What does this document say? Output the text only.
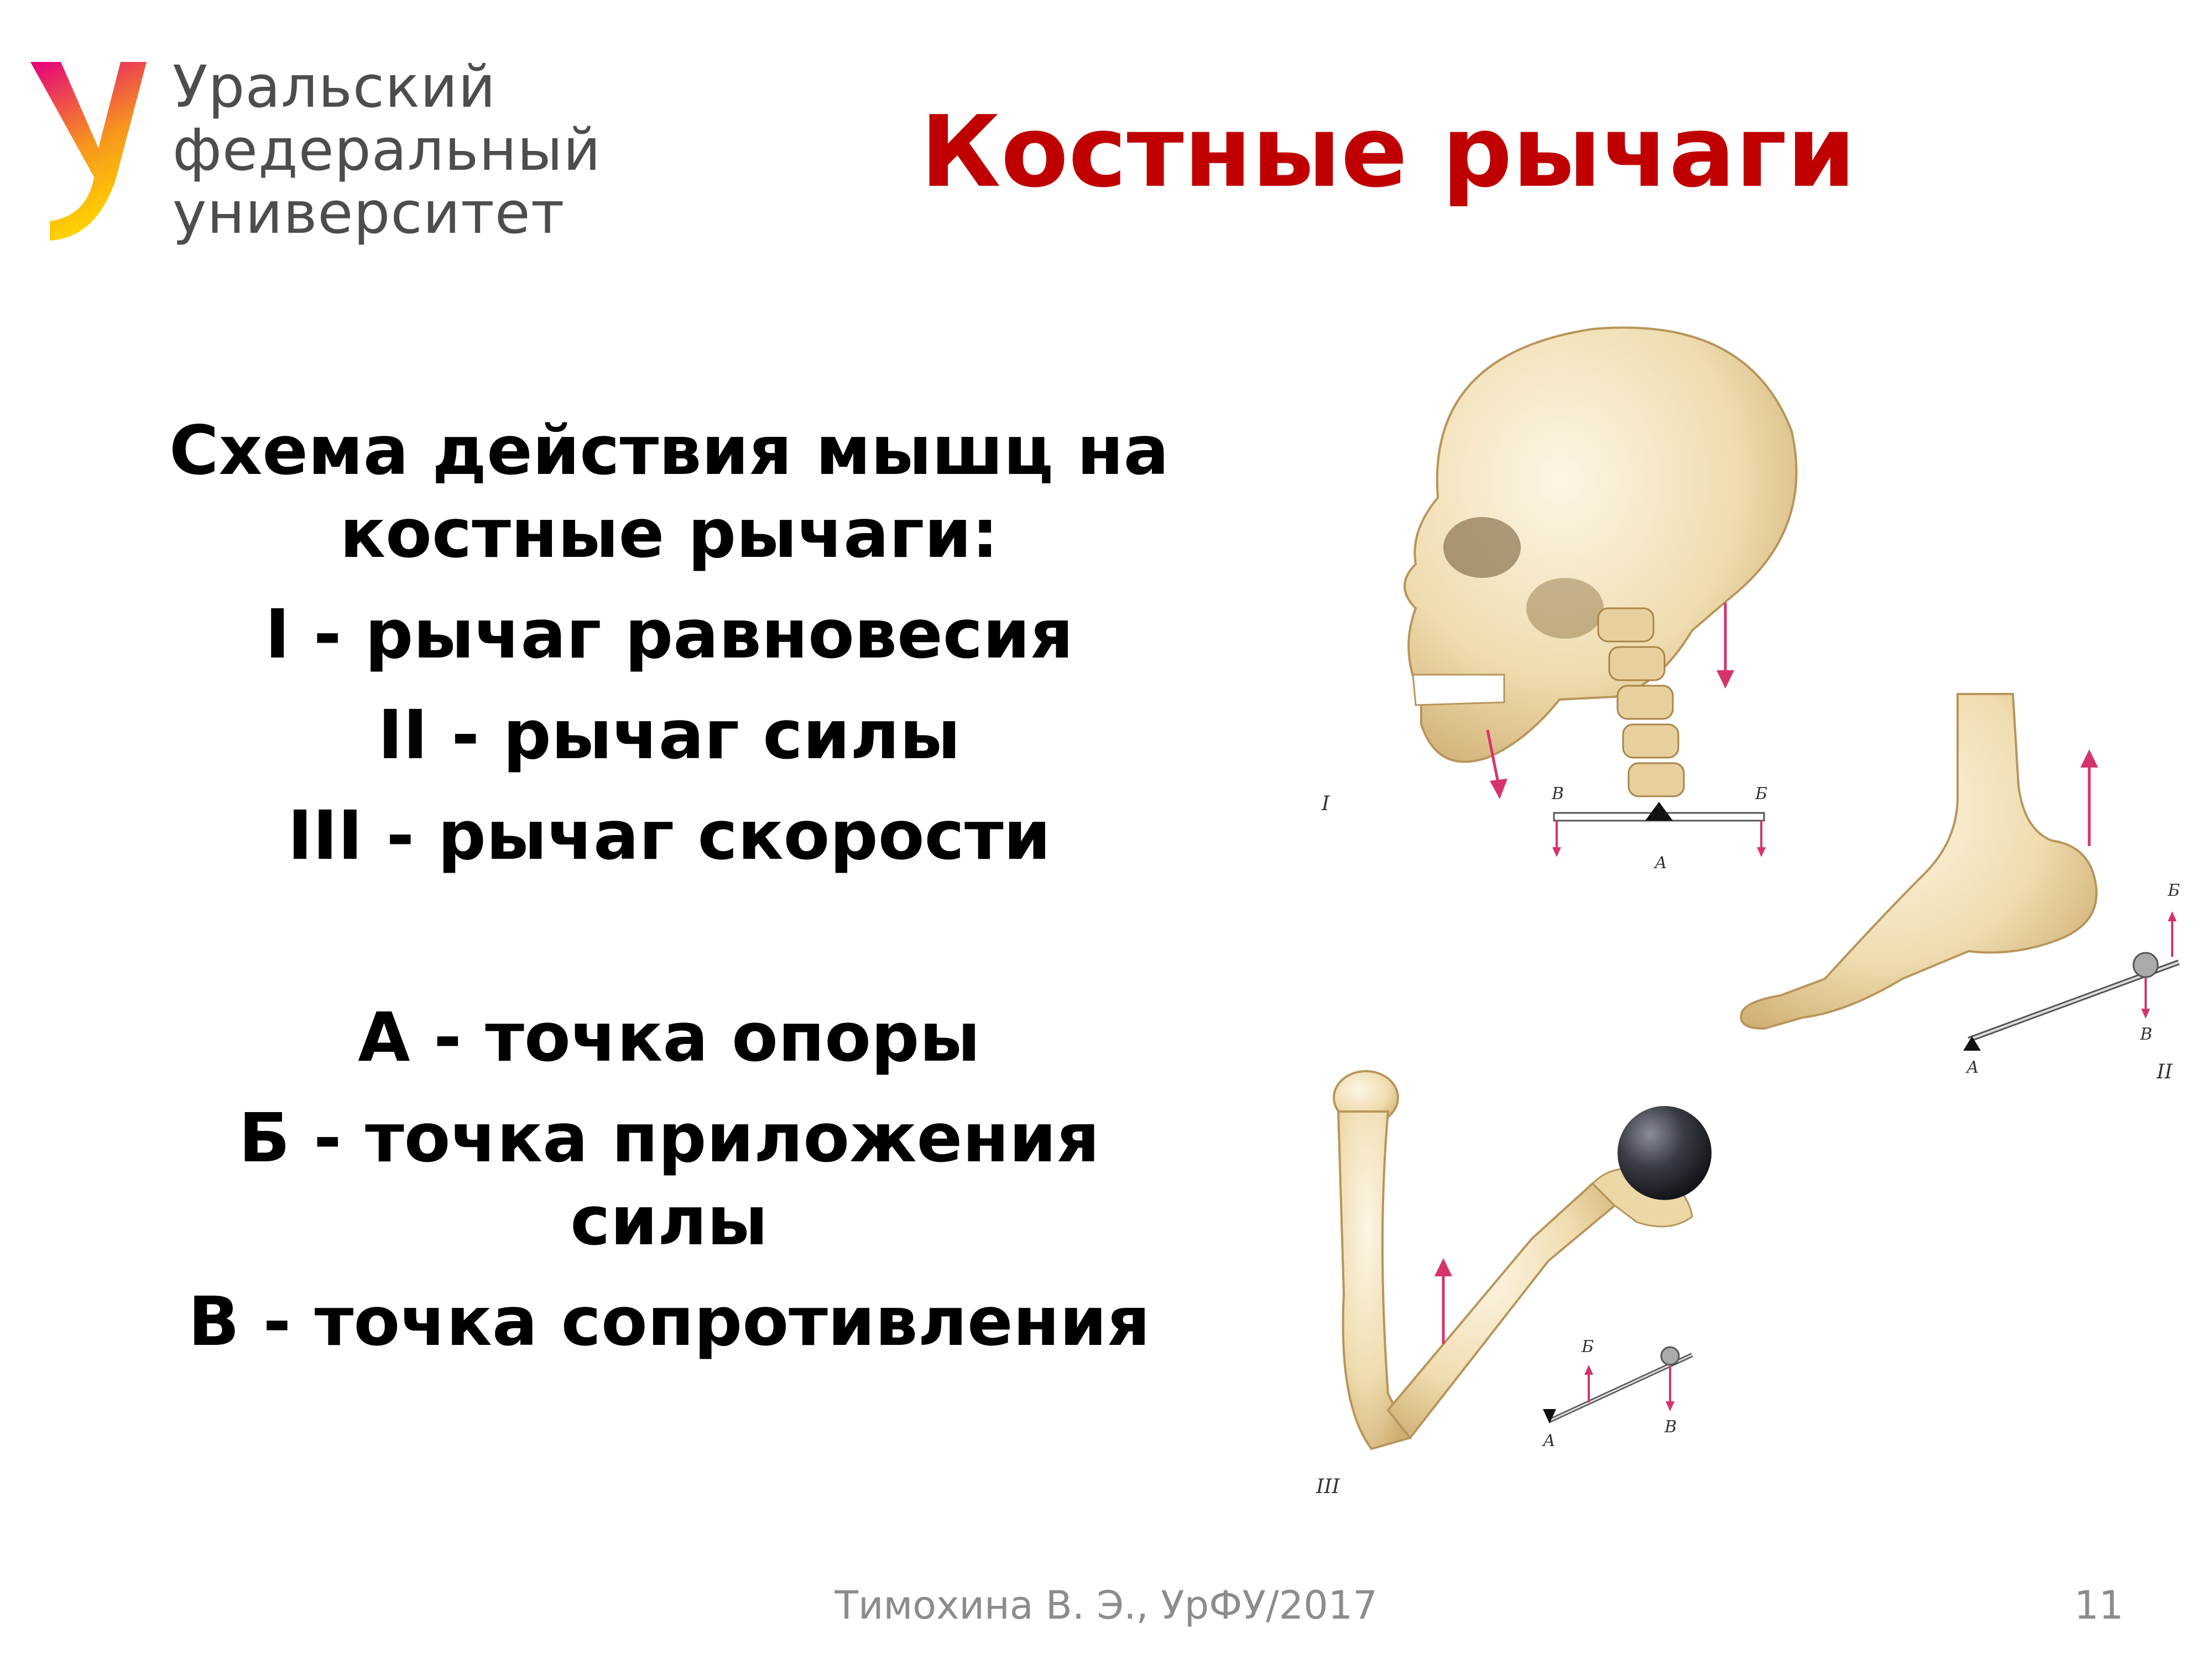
Уральский
федеральный
университет
Костные рычаги

Схема действия мышц на

костные рычаги:

I - рычаг равновесия

II - рычаг силы

III - рычаг скорости

А - точка опоры

Б - точка приложения

силы

В - точка сопротивления

I	В	Б
А
Б
В
А	II
Б
В
А
III
Тимохина В. Э., УрФУ/2017	11
